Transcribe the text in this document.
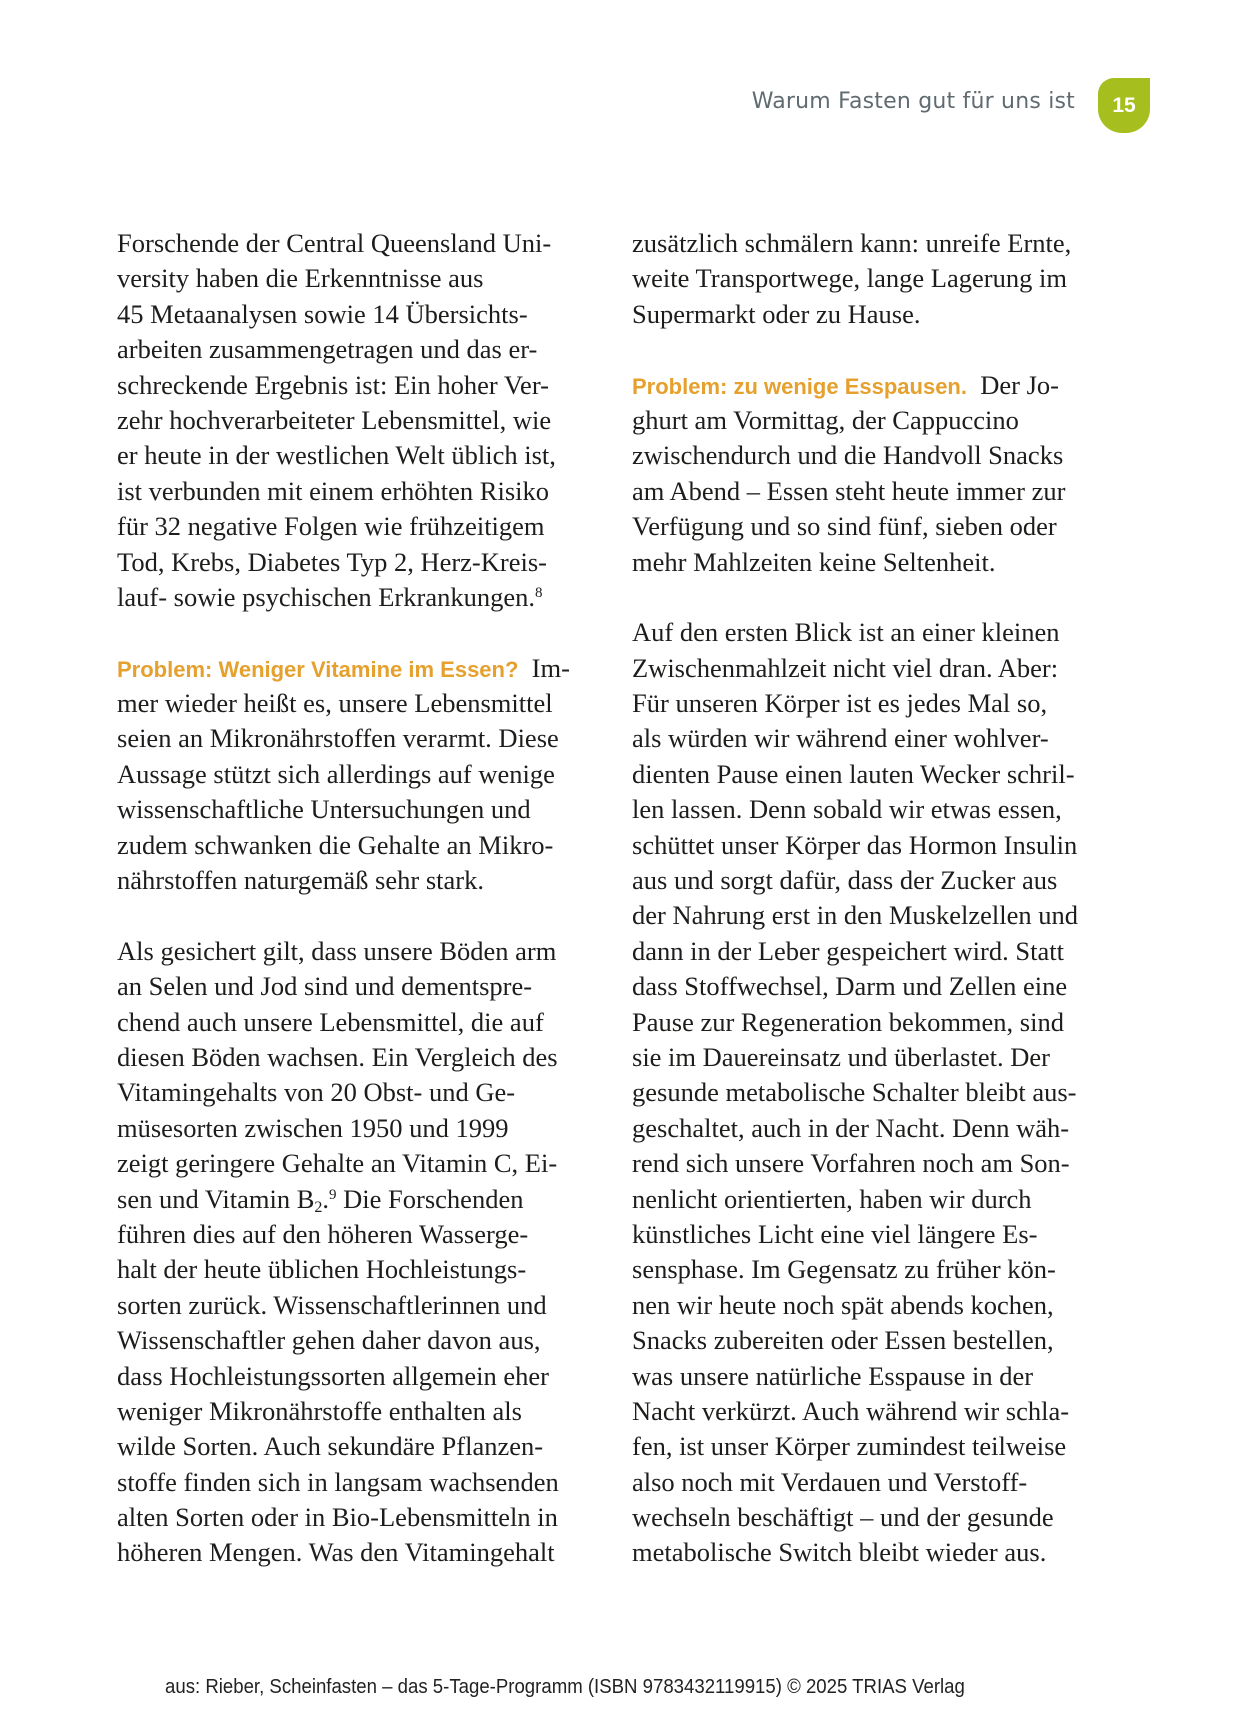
Warum Fasten gut für uns ist	15
Forschende der Central Queensland Uni-
versity haben die Erkenntnisse aus
45 Metaanalysen sowie 14 Übersichts-
arbeiten zusammengetragen und das er-
schreckende Ergebnis ist: Ein hoher Ver-
zehr hochverarbeiteter Lebensmittel, wie
er heute in der westlichen Welt üblich ist,
ist verbunden mit einem erhöhten Risiko
für 32 negative Folgen wie frühzeitigem
Tod, Krebs, Diabetes Typ 2, Herz-Kreis-
lauf- sowie psychischen Erkrankungen.$^8$
Problem: Weniger Vitamine im Essen?  Im-
mer wieder heißt es, unsere Lebensmittel
seien an Mikronährstoffen verarmt. Diese
Aussage stützt sich allerdings auf wenige
wissenschaftliche Untersuchungen und
zudem schwanken die Gehalte an Mikro-
nährstoffen naturgemäß sehr stark.
Als gesichert gilt, dass unsere Böden arm
an Selen und Jod sind und dementspre-
chend auch unsere Lebensmittel, die auf
diesen Böden wachsen. Ein Vergleich des
Vitamingehalts von 20 Obst- und Ge-
müsesorten zwischen 1950 und 1999
zeigt geringere Gehalte an Vitamin C, Ei-
sen und Vitamin $B_2.^9$ Die Forschenden
führen dies auf den höheren Wasserge-
halt der heute üblichen Hochleistungs-
sorten zurück. Wissenschaftlerinnen und
Wissenschaftler gehen daher davon aus,
dass Hochleistungssorten allgemein eher
weniger Mikronährstoffe enthalten als
wilde Sorten. Auch sekundäre Pflanzen-
stoffe finden sich in langsam wachsenden
alten Sorten oder in Bio-Lebensmitteln in
höheren Mengen. Was den Vitamingehalt
zusätzlich schmälern kann: unreife Ernte,
weite Transportwege, lange Lagerung im
Supermarkt oder zu Hause.
Problem: zu wenige Esspausen.  Der Jo-
ghurt am Vormittag, der Cappuccino
zwischendurch und die Handvoll Snacks
am Abend – Essen steht heute immer zur
Verfügung und so sind fünf, sieben oder
mehr Mahlzeiten keine Seltenheit.
Auf den ersten Blick ist an einer kleinen
Zwischenmahlzeit nicht viel dran. Aber:
Für unseren Körper ist es jedes Mal so,
als würden wir während einer wohlver-
dienten Pause einen lauten Wecker schril-
len lassen. Denn sobald wir etwas essen,
schüttet unser Körper das Hormon Insulin
aus und sorgt dafür, dass der Zucker aus
der Nahrung erst in den Muskelzellen und
dann in der Leber gespeichert wird. Statt
dass Stoffwechsel, Darm und Zellen eine
Pause zur Regeneration bekommen, sind
sie im Dauereinsatz und überlastet. Der
gesunde metabolische Schalter bleibt aus-
geschaltet, auch in der Nacht. Denn wäh-
rend sich unsere Vorfahren noch am Son-
nenlicht orientierten, haben wir durch
künstliches Licht eine viel längere Es-
sensphase. Im Gegensatz zu früher kön-
nen wir heute noch spät abends kochen,
Snacks zubereiten oder Essen bestellen,
was unsere natürliche Esspause in der
Nacht verkürzt. Auch während wir schla-
fen, ist unser Körper zumindest teilweise
also noch mit Verdauen und Verstoff-
wechseln beschäftigt – und der gesunde
metabolische Switch bleibt wieder aus.
aus: Rieber, Scheinfasten – das 5-Tage-Programm (ISBN 9783432119915) © 2025 TRIAS Verlag
